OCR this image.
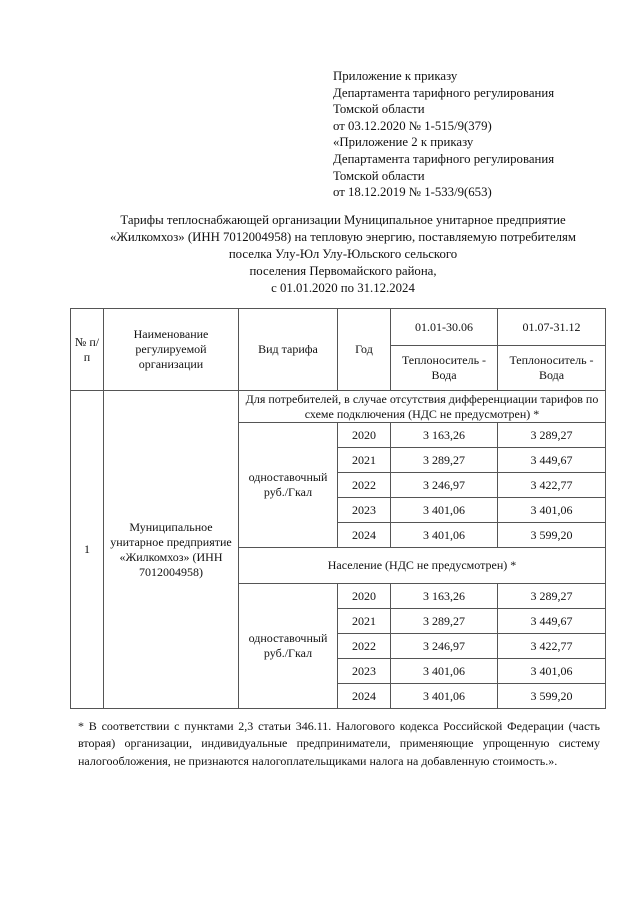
Приложение к приказу
Департамента тарифного регулирования
Томской области
от 03.12.2020 № 1-515/9(379)
«Приложение 2 к приказу
Департамента тарифного регулирования
Томской области
от 18.12.2019 № 1-533/9(653)
Тарифы теплоснабжающей организации Муниципальное унитарное предприятие
«Жилкомхоз» (ИНН 7012004958) на тепловую энергию, поставляемую потребителям
поселка Улу-Юл Улу-Юльского сельского
поселения Первомайского района,
с 01.01.2020 по 31.12.2024
№ п/п	Наименование регулируемой организации	Вид тарифа	Год	01.01-30.06	01.07-31.12
				Теплоноситель - Вода	Теплоноситель - Вода
1	Муниципальное унитарное предприятие «Жилкомхоз» (ИНН 7012004958)	Для потребителей, в случае отсутствия дифференциации тарифов по схеме подключения (НДС не предусмотрен) *			
		одноставочный руб./Гкал	2020	3 163,26	3 289,27
			2021	3 289,27	3 449,67
			2022	3 246,97	3 422,77
			2023	3 401,06	3 401,06
			2024	3 401,06	3 599,20
		Население (НДС не предусмотрен) *			
		одноставочный руб./Гкал	2020	3 163,26	3 289,27
			2021	3 289,27	3 449,67
			2022	3 246,97	3 422,77
			2023	3 401,06	3 401,06
			2024	3 401,06	3 599,20
* В соответствии с пунктами 2,3 статьи 346.11. Налогового кодекса Российской Федерации (часть вторая) организации, индивидуальные предприниматели, применяющие упрощенную систему налогообложения, не признаются налогоплательщиками налога на добавленную стоимость.».
